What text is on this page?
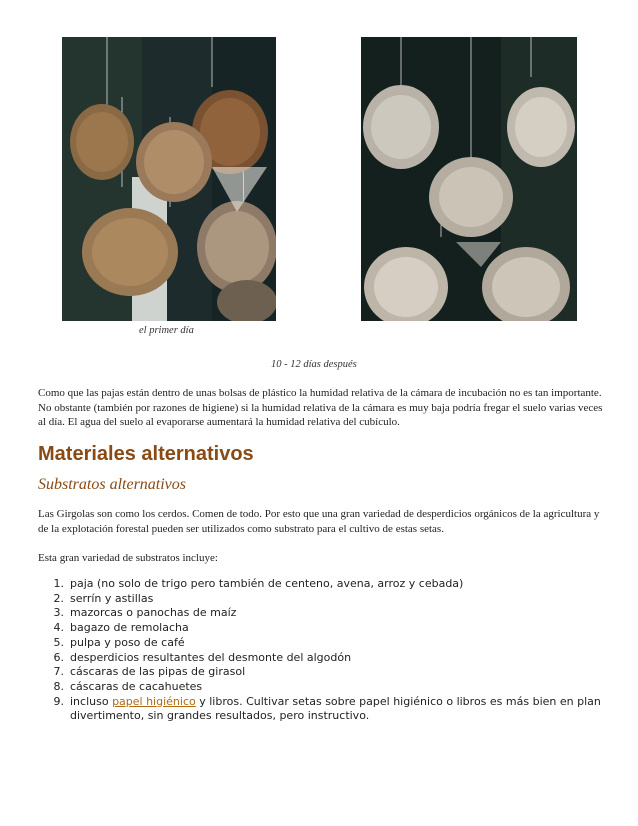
el primer día
10 - 12 días después

Como que las pajas están dentro de unas bolsas de plástico la humidad relativa de la cámara de incubación no es tan importante. No obstante (también por razones de higiene) si la humidad relativa de la cámara es muy baja podría fregar el suelo varias veces al día. El agua del suelo al evaporarse aumentará la humidad relativa del cubículo.

Materiales alternativos
Substratos alternativos

Las Girgolas son como los cerdos. Comen de todo. Por esto que una gran variedad de desperdicios orgánicos de la agricultura y de la explotación forestal pueden ser utilizados como substrato para el cultivo de estas setas.

Esta gran variedad de substratos incluye:

1. paja (no solo de trigo pero también de centeno, avena, arroz y cebada)
2. serrín y astillas
3. mazorcas o panochas de maíz
4. bagazo de remolacha
5. pulpa y poso de café
6. desperdicios resultantes del desmonte del algodón
7. cáscaras de las pipas de girasol
8. cáscaras de cacahuetes
9. incluso papel higiénico y libros. Cultivar setas sobre papel higiénico o libros es más bien en plan divertimento, sin grandes resultados, pero instructivo.
